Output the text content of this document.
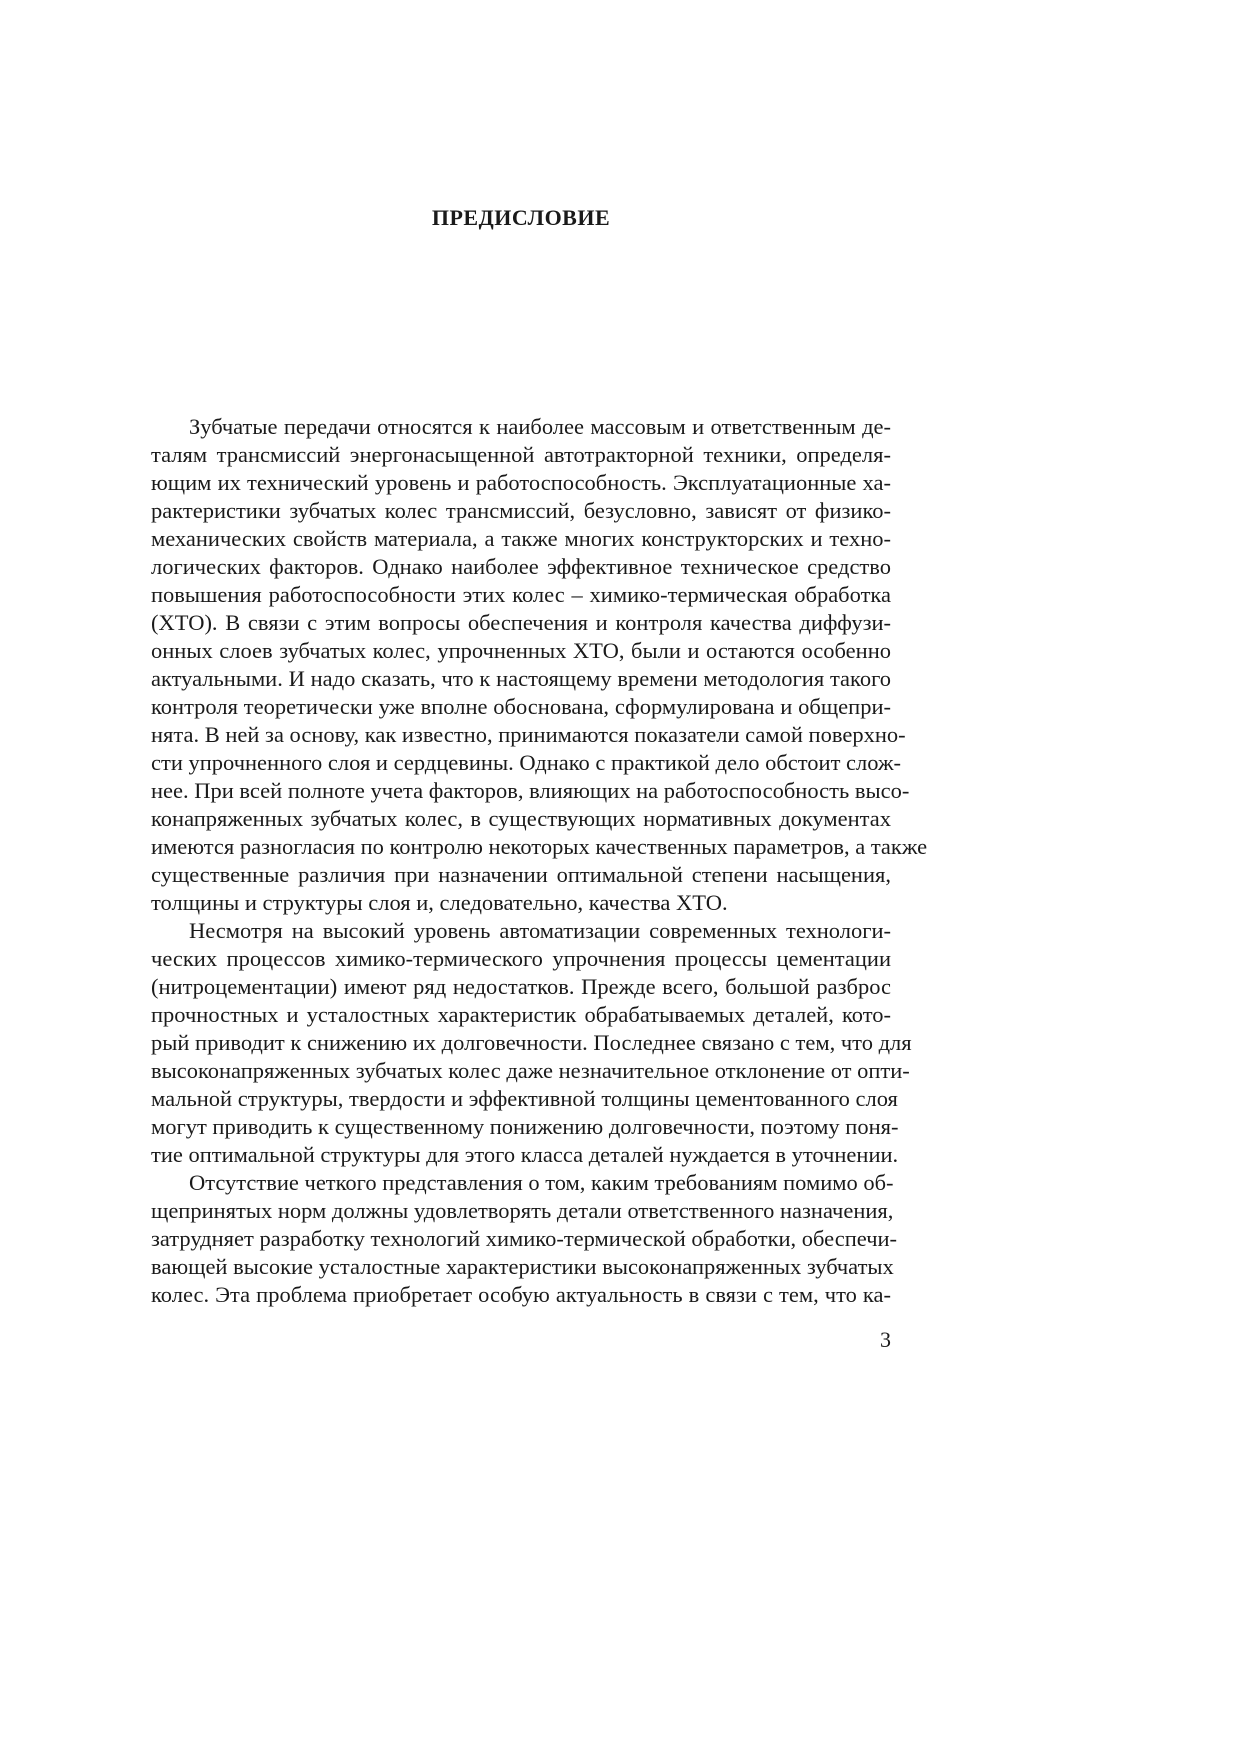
ПРЕДИСЛОВИЕ
Зубчатые передачи относятся к наиболее массовым и ответственным де-
талям трансмиссий энергонасыщенной автотракторной техники, определя-
ющим их технический уровень и работоспособность. Эксплуатационные ха-
рактеристики зубчатых колес трансмиссий, безусловно, зависят от физико-
механических свойств материала, а также многих конструкторских и техно-
логических факторов. Однако наиболее эффективное техническое средство
повышения работоспособности этих колес – химико-термическая обработка
(ХТО). В связи с этим вопросы обеспечения и контроля качества диффузи-
онных слоев зубчатых колес, упрочненных ХТО, были и остаются особенно
актуальными. И надо сказать, что к настоящему времени методология такого
контроля теоретически уже вполне обоснована, сформулирована и общепри-
нята. В ней за основу, как известно, принимаются показатели самой поверхно-
сти упрочненного слоя и сердцевины. Однако с практикой дело обстоит слож-
нее. При всей полноте учета факторов, влияющих на работоспособность высо-
конапряженных зубчатых колес, в существующих нормативных документах
имеются разногласия по контролю некоторых качественных параметров, а также
существенные различия при назначении оптимальной степени насыщения,
толщины и структуры слоя и, следовательно, качества ХТО.
Несмотря на высокий уровень автоматизации современных технологи-
ческих процессов химико-термического упрочнения процессы цементации
(нитроцементации) имеют ряд недостатков. Прежде всего, большой разброс
прочностных и усталостных характеристик обрабатываемых деталей, кото-
рый приводит к снижению их долговечности. Последнее связано с тем, что для
высоконапряженных зубчатых колес даже незначительное отклонение от опти-
мальной структуры, твердости и эффективной толщины цементованного слоя
могут приводить к существенному понижению долговечности, поэтому поня-
тие оптимальной структуры для этого класса деталей нуждается в уточнении.
Отсутствие четкого представления о том, каким требованиям помимо об-
щепринятых норм должны удовлетворять детали ответственного назначения,
затрудняет разработку технологий химико-термической обработки, обеспечи-
вающей высокие усталостные характеристики высоконапряженных зубчатых
колес. Эта проблема приобретает особую актуальность в связи с тем, что ка-
3
